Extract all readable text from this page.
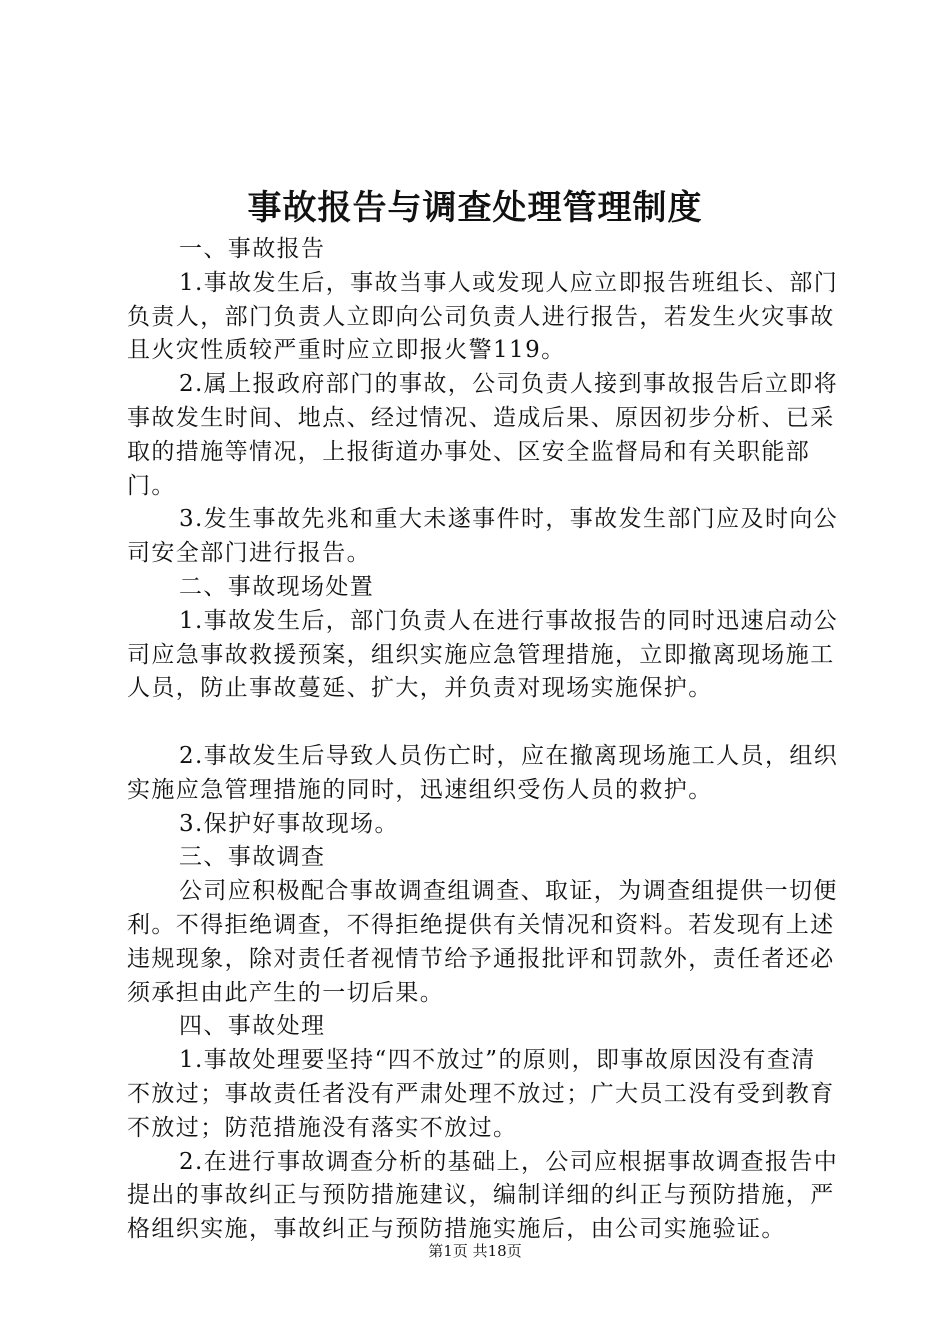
事故报告与调查处理管理制度

一、事故报告

1.事故发生后，事故当事人或发现人应立即报告班组长、部门负责人，部门负责人立即向公司负责人进行报告，若发生火灾事故且火灾性质较严重时应立即报火警119。

2.属上报政府部门的事故，公司负责人接到事故报告后立即将事故发生时间、地点、经过情况、造成后果、原因初步分析、已采取的措施等情况，上报街道办事处、区安全监督局和有关职能部门。

3.发生事故先兆和重大未遂事件时，事故发生部门应及时向公司安全部门进行报告。

二、事故现场处置

1.事故发生后，部门负责人在进行事故报告的同时迅速启动公司应急事故救援预案，组织实施应急管理措施，立即撤离现场施工人员，防止事故蔓延、扩大，并负责对现场实施保护。

2.事故发生后导致人员伤亡时，应在撤离现场施工人员，组织实施应急管理措施的同时，迅速组织受伤人员的救护。

3.保护好事故现场。

三、事故调查

公司应积极配合事故调查组调查、取证，为调查组提供一切便利。不得拒绝调查，不得拒绝提供有关情况和资料。若发现有上述违规现象，除对责任者视情节给予通报批评和罚款外，责任者还必须承担由此产生的一切后果。

四、事故处理

1.事故处理要坚持“四不放过”的原则，即事故原因没有查清不放过；事故责任者没有严肃处理不放过；广大员工没有受到教育不放过；防范措施没有落实不放过。

2.在进行事故调查分析的基础上，公司应根据事故调查报告中提出的事故纠正与预防措施建议，编制详细的纠正与预防措施，严格组织实施，事故纠正与预防措施实施后，由公司实施验证。

第1页 共18页
